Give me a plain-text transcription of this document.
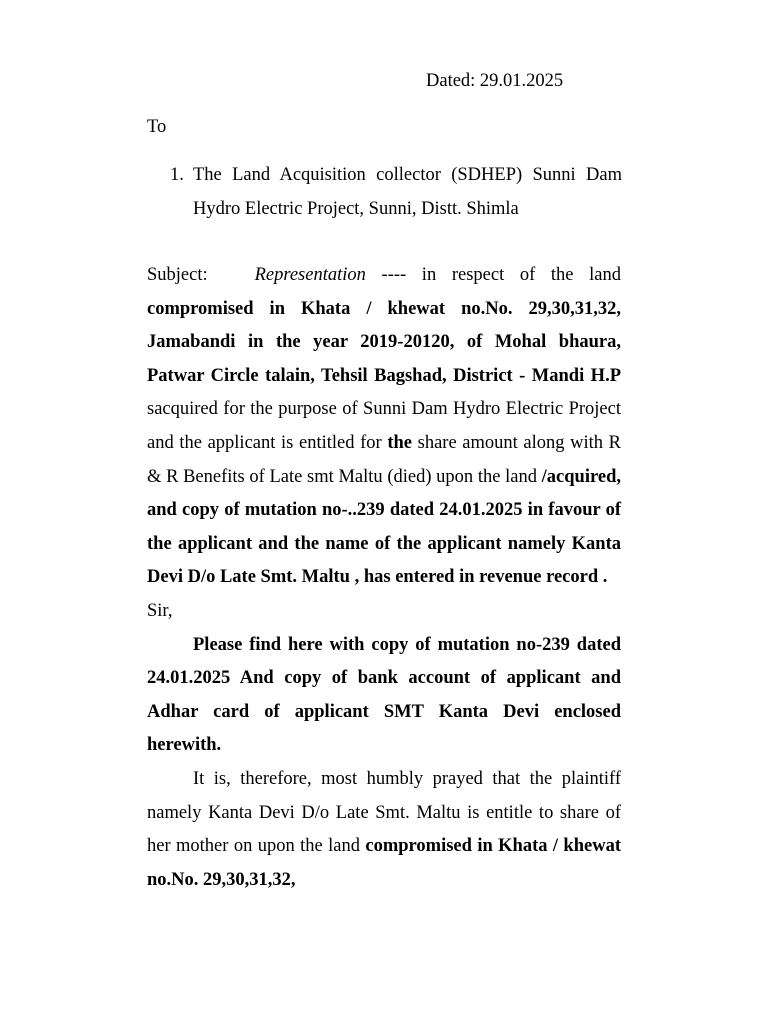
Dated: 29.01.2025
To
1. The Land Acquisition collector (SDHEP) Sunni Dam Hydro Electric Project, Sunni, Distt. Shimla

Subject:	Representation ---- in respect of the land compromised in Khata / khewat no.No. 29,30,31,32, Jamabandi in the year 2019-20120, of Mohal bhaura, Patwar Circle talain, Tehsil Bagshad, District - Mandi H.P sacquired for the purpose of Sunni Dam Hydro Electric Project and the applicant is entitled for the share amount along with R & R Benefits of Late smt Maltu (died) upon the land /acquired, and copy of mutation no-..239 dated 24.01.2025 in favour of the applicant and the name of the applicant namely Kanta Devi D/o Late Smt. Maltu , has entered in revenue record .

Sir,

Please find here with copy of mutation no-239 dated 24.01.2025 And copy of bank account of applicant and Adhar card of applicant SMT Kanta Devi enclosed herewith.

It is, therefore, most humbly prayed that the plaintiff namely Kanta Devi D/o Late Smt. Maltu is entitle to share of her mother on upon the land compromised in Khata / khewat no.No. 29,30,31,32,
